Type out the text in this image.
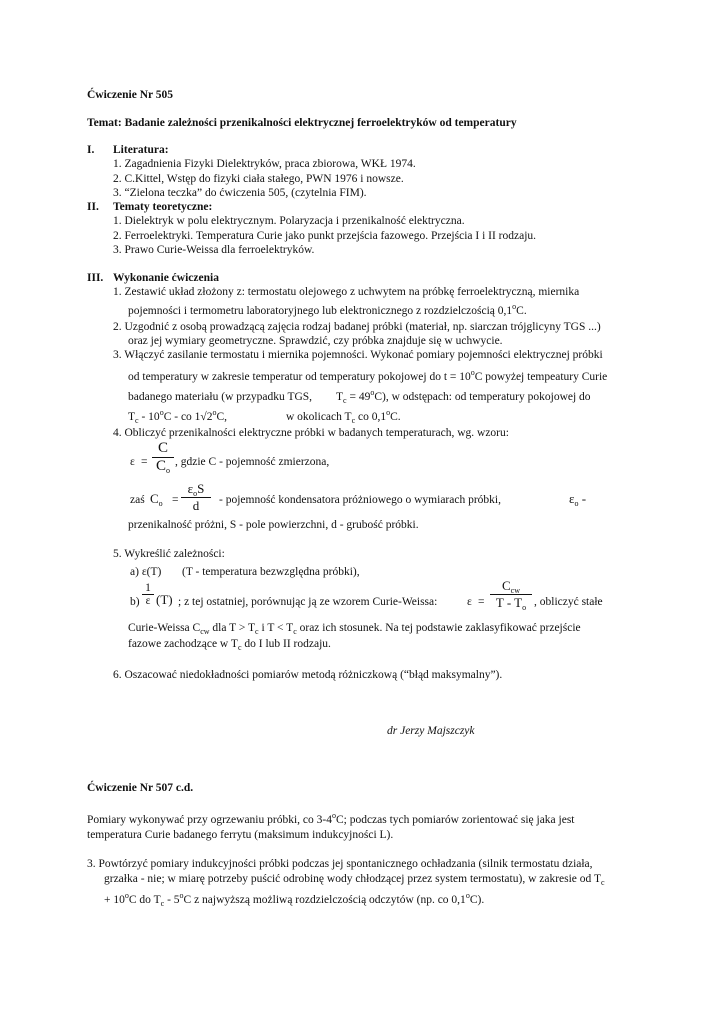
Ćwiczenie Nr 505
Temat: Badanie zależności przenikalności elektrycznej ferroelektryków od temperatury
I. Literatura:
1. Zagadnienia Fizyki Dielektryków, praca zbiorowa, WKŁ 1974.
2. C.Kittel, Wstęp do fizyki ciała stałego, PWN 1976 i nowsze.
3. “Zielona teczka” do ćwiczenia 505, (czytelnia FIM).
II. Tematy teoretyczne:
1. Dielektryk w polu elektrycznym. Polaryzacja i przenikalność elektryczna.
2. Ferroelektryki. Temperatura Curie jako punkt przejścia fazowego. Przejścia I i II rodzaju.
3. Prawo Curie-Weissa dla ferroelektryków.
III. Wykonanie ćwiczenia
1. Zestawić układ złożony z: termostatu olejowego z uchwytem na próbkę ferroelektryczną, miernika
pojemności i termometru laboratoryjnego lub elektronicznego z rozdzielczością 0,1$^o$C.
2. Uzgodnić z osobą prowadzącą zajęcia rodzaj badanej próbki (materiał, np. siarczan trójglicyny TGS ...)
oraz jej wymiary geometryczne. Sprawdzić, czy próbka znajduje się w uchwycie.
3. Włączyć zasilanie termostatu i miernika pojemności. Wykonać pomiary pojemności elektrycznej próbki
od temperatury w zakresie temperatur od temperatury pokojowej do $t = 10^oC$ powyżej tempeatury Curie
badanego materiału (w przypadku TGS, $T_c = 49^oC$), w odstępach: od temperatury pokojowej do
$T_c - 10^oC$ - co 1√2$^o$C,	w okolicach $T_c$ co 0,1$^o$C.
4. Obliczyć przenikalności elektryczne próbki w badanych temperaturach, wg. wzoru:
$\varepsilon = \frac{C}{C_o}$ , gdzie C - pojemność zmierzona,
zaś $C_o$ =
$\varepsilon_oS$
d	- pojemność kondensatora próżniowego o wymiarach próbki,	$\varepsilon_o$ -
przenikalność próżni, S - pole powierzchni, d - grubość próbki.
5. Wykreślić zależności:
a) ε(T) (T - temperatura bezwzględna próbki),
$b) \frac{1}{\varepsilon} (T)$ ; z tej ostatniej, porównując ją ze wzorem Curie-Weissa:	ε =
$C_{cw}$
T - $T_o$ , obliczyć stałe
Curie-Weissa $C_{cw}$ dla $T > T_c$ i $T < T_c$ oraz ich stosunek. Na tej podstawie zaklasyfikować przejście
fazowe zachodzące w $T_c$ do I lub II rodzaju.
6. Oszacować niedokładności pomiarów metodą różniczkową (“błąd maksymalny”).
dr Jerzy Majszczyk
Ćwiczenie Nr 507 c.d.
Pomiary wykonywać przy ogrzewaniu próbki, co 3-4$^o$C; podczas tych pomiarów zorientować się jaka jest
temperatura Curie badanego ferrytu (maksimum indukcyjności L).
3. Powtórzyć pomiary indukcyjności próbki podczas jej spontanicznego ochładzania (silnik termostatu działa,
grzałka - nie; w miarę potrzeby puścić odrobinę wody chłodzącej przez system termostatu), w zakresie od $T_c$
+ $10^oC$ do $T_c - 5^oC$ z najwyższą możliwą rozdzielczością odczytów (np. co 0,1$^o$C).
